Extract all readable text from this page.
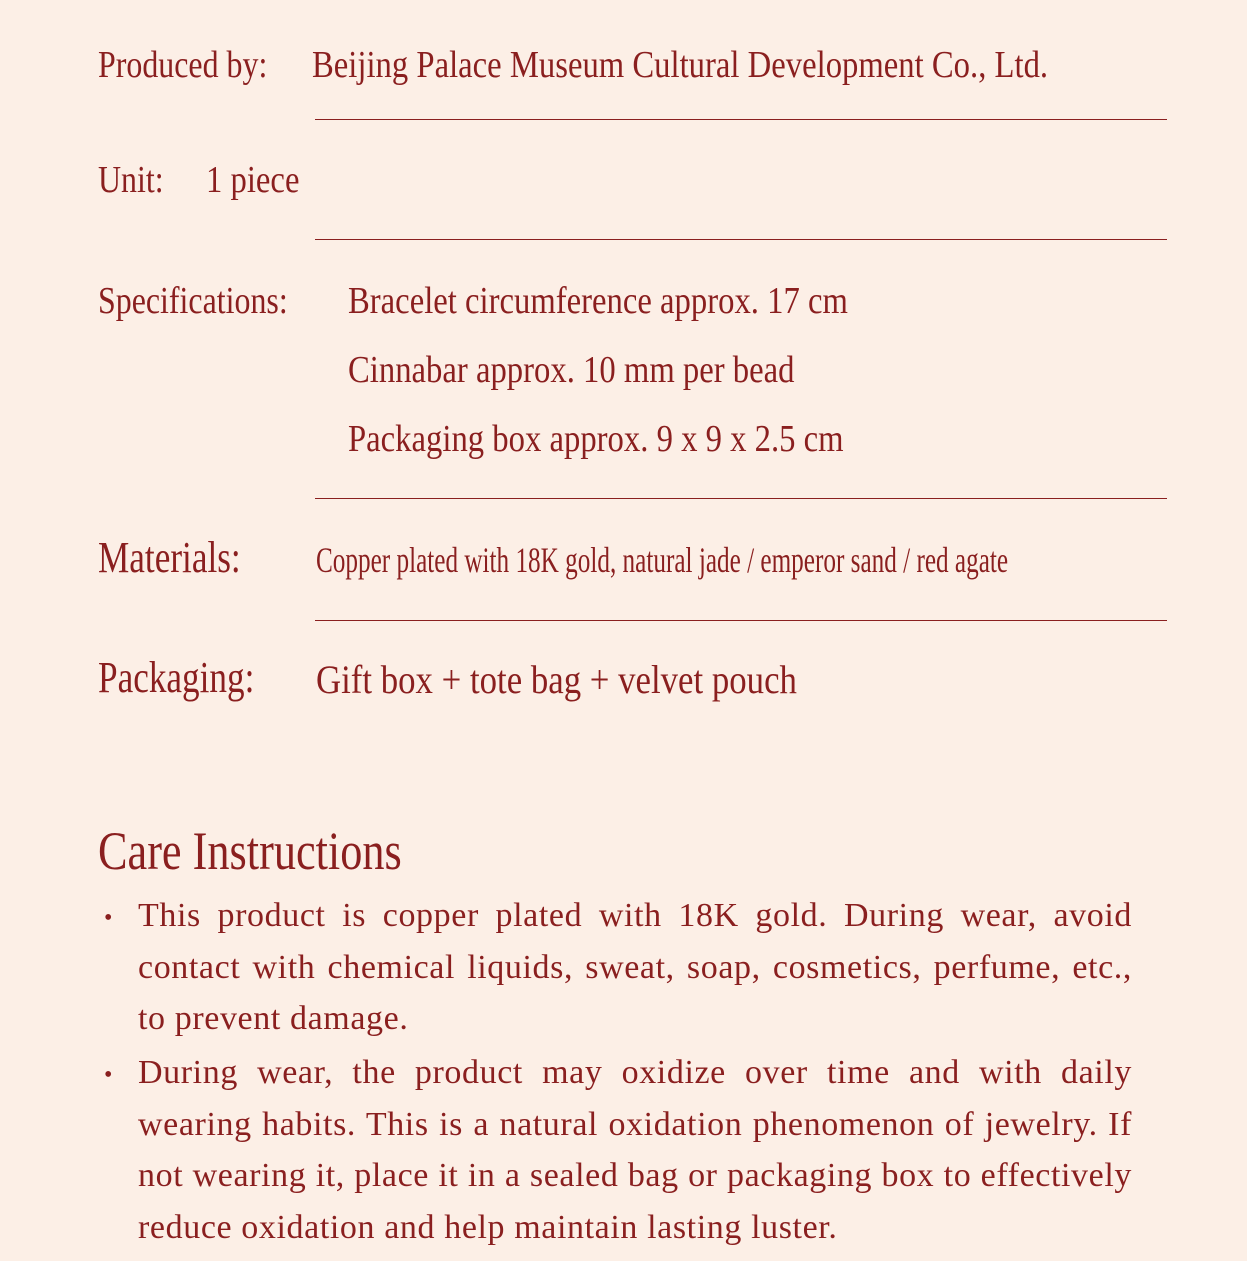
Produced by: Beijing Palace Museum Cultural Development Co., Ltd.
Unit: 1 piece
Specifications: Bracelet circumference approx. 17 cm
Cinnabar approx. 10 mm per bead
Packaging box approx. 9 x 9 x 2.5 cm
Materials: Copper plated with 18K gold, natural jade / emperor sand / red agate
Packaging: Gift box + tote bag + velvet pouch
Care Instructions
• This product is copper plated with 18K gold. During wear, avoid contact with chemical liquids, sweat, soap, cosmetics, perfume, etc., to prevent damage.

• During wear, the product may oxidize over time and with daily wearing habits. This is a natural oxidation phenomenon of jewelry. If not wearing it, place it in a sealed bag or packaging box to effectively reduce oxidation and help maintain lasting luster.
